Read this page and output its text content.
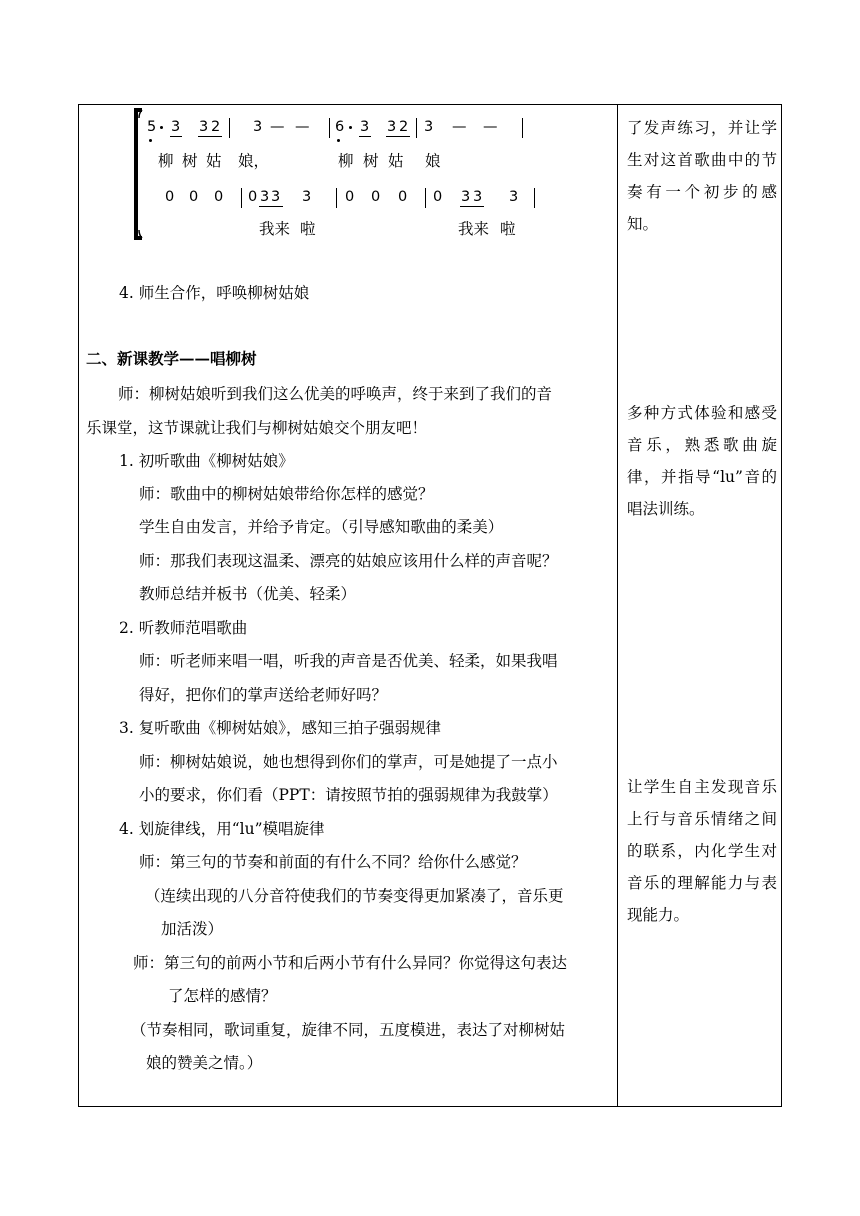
5 3 3 2 3 — — 6 3 3 2 3 — —
柳 树 姑 娘，	柳 树 姑 娘
0 0 0 0 3 3 3 0 0 0 0 3 3 3
我来 啦	我来 啦
4. 师生合作，呼唤柳树姑娘
二、新课教学——唱柳树
师：柳树姑娘听到我们这么优美的呼唤声，终于来到了我们的音
乐课堂，这节课就让我们与柳树姑娘交个朋友吧！
1. 初听歌曲《柳树姑娘》
师：歌曲中的柳树姑娘带给你怎样的感觉？
学生自由发言，并给予肯定。（引导感知歌曲的柔美）
师：那我们表现这温柔、漂亮的姑娘应该用什么样的声音呢？
教师总结并板书（优美、轻柔）
2. 听教师范唱歌曲
师：听老师来唱一唱，听我的声音是否优美、轻柔，如果我唱
得好，把你们的掌声送给老师好吗？
3. 复听歌曲《柳树姑娘》，感知三拍子强弱规律
师：柳树姑娘说，她也想得到你们的掌声，可是她提了一点小
小的要求，你们看（PPT：请按照节拍的强弱规律为我鼓掌）
4. 划旋律线，用“lu”模唱旋律
师：第三句的节奏和前面的有什么不同？给你什么感觉？
（连续出现的八分音符使我们的节奏变得更加紧凑了，音乐更
加活泼）
师：第三句的前两小节和后两小节有什么异同？你觉得这句表达
了怎样的感情？
（节奏相同，歌词重复，旋律不同，五度模进，表达了对柳树姑
娘的赞美之情。）
了发声练习，并让学生对这首歌曲中的节奏有一个初步的感知。
多种方式体验和感受音乐，熟悉歌曲旋律，并指导“lu”音的唱法训练。
让学生自主发现音乐上行与音乐情绪之间的联系，内化学生对音乐的理解能力与表现能力。
